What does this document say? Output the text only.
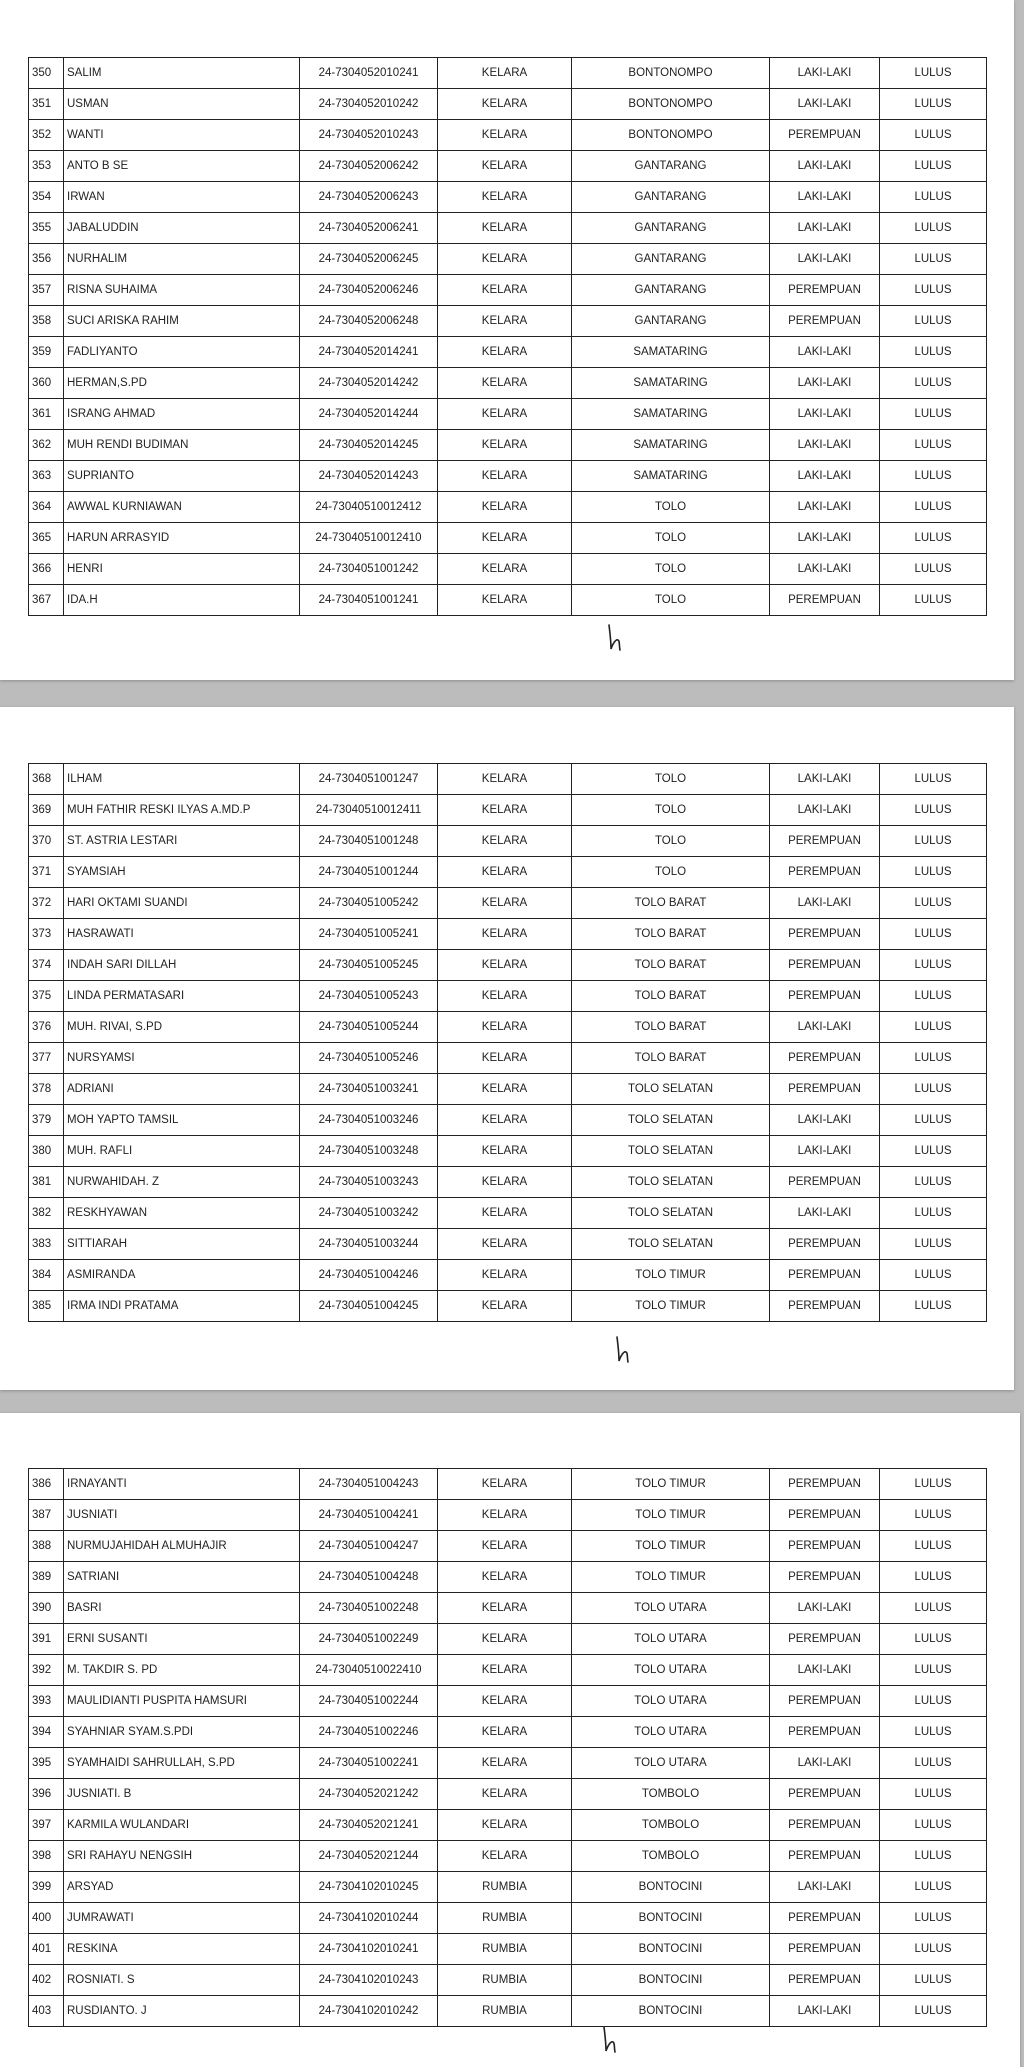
350	SALIM	24-7304052010241	KELARA	BONTONOMPO	LAKI-LAKI	LULUS
351	USMAN	24-7304052010242	KELARA	BONTONOMPO	LAKI-LAKI	LULUS
352	WANTI	24-7304052010243	KELARA	BONTONOMPO	PEREMPUAN	LULUS
353	ANTO B SE	24-7304052006242	KELARA	GANTARANG	LAKI-LAKI	LULUS
354	IRWAN	24-7304052006243	KELARA	GANTARANG	LAKI-LAKI	LULUS
355	JABALUDDIN	24-7304052006241	KELARA	GANTARANG	LAKI-LAKI	LULUS
356	NURHALIM	24-7304052006245	KELARA	GANTARANG	LAKI-LAKI	LULUS
357	RISNA SUHAIMA	24-7304052006246	KELARA	GANTARANG	PEREMPUAN	LULUS
358	SUCI ARISKA RAHIM	24-7304052006248	KELARA	GANTARANG	PEREMPUAN	LULUS
359	FADLIYANTO	24-7304052014241	KELARA	SAMATARING	LAKI-LAKI	LULUS
360	HERMAN,S.PD	24-7304052014242	KELARA	SAMATARING	LAKI-LAKI	LULUS
361	ISRANG AHMAD	24-7304052014244	KELARA	SAMATARING	LAKI-LAKI	LULUS
362	MUH RENDI BUDIMAN	24-7304052014245	KELARA	SAMATARING	LAKI-LAKI	LULUS
363	SUPRIANTO	24-7304052014243	KELARA	SAMATARING	LAKI-LAKI	LULUS
364	AWWAL KURNIAWAN	24-73040510012412	KELARA	TOLO	LAKI-LAKI	LULUS
365	HARUN ARRASYID	24-73040510012410	KELARA	TOLO	LAKI-LAKI	LULUS
366	HENRI	24-7304051001242	KELARA	TOLO	LAKI-LAKI	LULUS
367	IDA.H	24-7304051001241	KELARA	TOLO	PEREMPUAN	LULUS
368	ILHAM	24-7304051001247	KELARA	TOLO	LAKI-LAKI	LULUS
369	MUH FATHIR RESKI ILYAS A.MD.P	24-73040510012411	KELARA	TOLO	LAKI-LAKI	LULUS
370	ST. ASTRIA LESTARI	24-7304051001248	KELARA	TOLO	PEREMPUAN	LULUS
371	SYAMSIAH	24-7304051001244	KELARA	TOLO	PEREMPUAN	LULUS
372	HARI OKTAMI SUANDI	24-7304051005242	KELARA	TOLO BARAT	LAKI-LAKI	LULUS
373	HASRAWATI	24-7304051005241	KELARA	TOLO BARAT	PEREMPUAN	LULUS
374	INDAH SARI DILLAH	24-7304051005245	KELARA	TOLO BARAT	PEREMPUAN	LULUS
375	LINDA PERMATASARI	24-7304051005243	KELARA	TOLO BARAT	PEREMPUAN	LULUS
376	MUH. RIVAI, S.PD	24-7304051005244	KELARA	TOLO BARAT	LAKI-LAKI	LULUS
377	NURSYAMSI	24-7304051005246	KELARA	TOLO BARAT	PEREMPUAN	LULUS
378	ADRIANI	24-7304051003241	KELARA	TOLO SELATAN	PEREMPUAN	LULUS
379	MOH YAPTO TAMSIL	24-7304051003246	KELARA	TOLO SELATAN	LAKI-LAKI	LULUS
380	MUH. RAFLI	24-7304051003248	KELARA	TOLO SELATAN	LAKI-LAKI	LULUS
381	NURWAHIDAH. Z	24-7304051003243	KELARA	TOLO SELATAN	PEREMPUAN	LULUS
382	RESKHYAWAN	24-7304051003242	KELARA	TOLO SELATAN	LAKI-LAKI	LULUS
383	SITTIARAH	24-7304051003244	KELARA	TOLO SELATAN	PEREMPUAN	LULUS
384	ASMIRANDA	24-7304051004246	KELARA	TOLO TIMUR	PEREMPUAN	LULUS
385	IRMA INDI PRATAMA	24-7304051004245	KELARA	TOLO TIMUR	PEREMPUAN	LULUS
386	IRNAYANTI	24-7304051004243	KELARA	TOLO TIMUR	PEREMPUAN	LULUS
387	JUSNIATI	24-7304051004241	KELARA	TOLO TIMUR	PEREMPUAN	LULUS
388	NURMUJAHIDAH ALMUHAJIR	24-7304051004247	KELARA	TOLO TIMUR	PEREMPUAN	LULUS
389	SATRIANI	24-7304051004248	KELARA	TOLO TIMUR	PEREMPUAN	LULUS
390	BASRI	24-7304051002248	KELARA	TOLO UTARA	LAKI-LAKI	LULUS
391	ERNI SUSANTI	24-7304051002249	KELARA	TOLO UTARA	PEREMPUAN	LULUS
392	M. TAKDIR S. PD	24-73040510022410	KELARA	TOLO UTARA	LAKI-LAKI	LULUS
393	MAULIDIANTI PUSPITA HAMSURI	24-7304051002244	KELARA	TOLO UTARA	PEREMPUAN	LULUS
394	SYAHNIAR SYAM.S.PDI	24-7304051002246	KELARA	TOLO UTARA	PEREMPUAN	LULUS
395	SYAMHAIDI SAHRULLAH, S.PD	24-7304051002241	KELARA	TOLO UTARA	LAKI-LAKI	LULUS
396	JUSNIATI. B	24-7304052021242	KELARA	TOMBOLO	PEREMPUAN	LULUS
397	KARMILA WULANDARI	24-7304052021241	KELARA	TOMBOLO	PEREMPUAN	LULUS
398	SRI RAHAYU NENGSIH	24-7304052021244	KELARA	TOMBOLO	PEREMPUAN	LULUS
399	ARSYAD	24-7304102010245	RUMBIA	BONTOCINI	LAKI-LAKI	LULUS
400	JUMRAWATI	24-7304102010244	RUMBIA	BONTOCINI	PEREMPUAN	LULUS
401	RESKINA	24-7304102010241	RUMBIA	BONTOCINI	PEREMPUAN	LULUS
402	ROSNIATI. S	24-7304102010243	RUMBIA	BONTOCINI	PEREMPUAN	LULUS
403	RUSDIANTO. J	24-7304102010242	RUMBIA	BONTOCINI	LAKI-LAKI	LULUS
